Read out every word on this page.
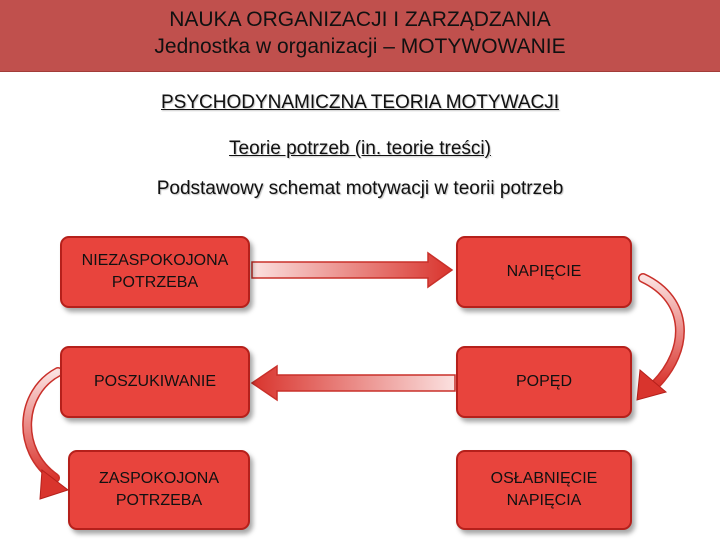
NAUKA ORGANIZACJI I ZARZĄDZANIA
Jednostka w organizacji – MOTYWOWANIE
PSYCHODYNAMICZNA TEORIA MOTYWACJI
Teorie potrzeb (in. teorie treści)
Podstawowy schemat motywacji w teorii potrzeb
NIEZASPOKOJONA
POTRZEBA
NAPIĘCIE
POSZUKIWANIE	POPĘD
ZASPOKOJONA
POTRZEBA
OSŁABNIĘCIE
NAPIĘCIA
